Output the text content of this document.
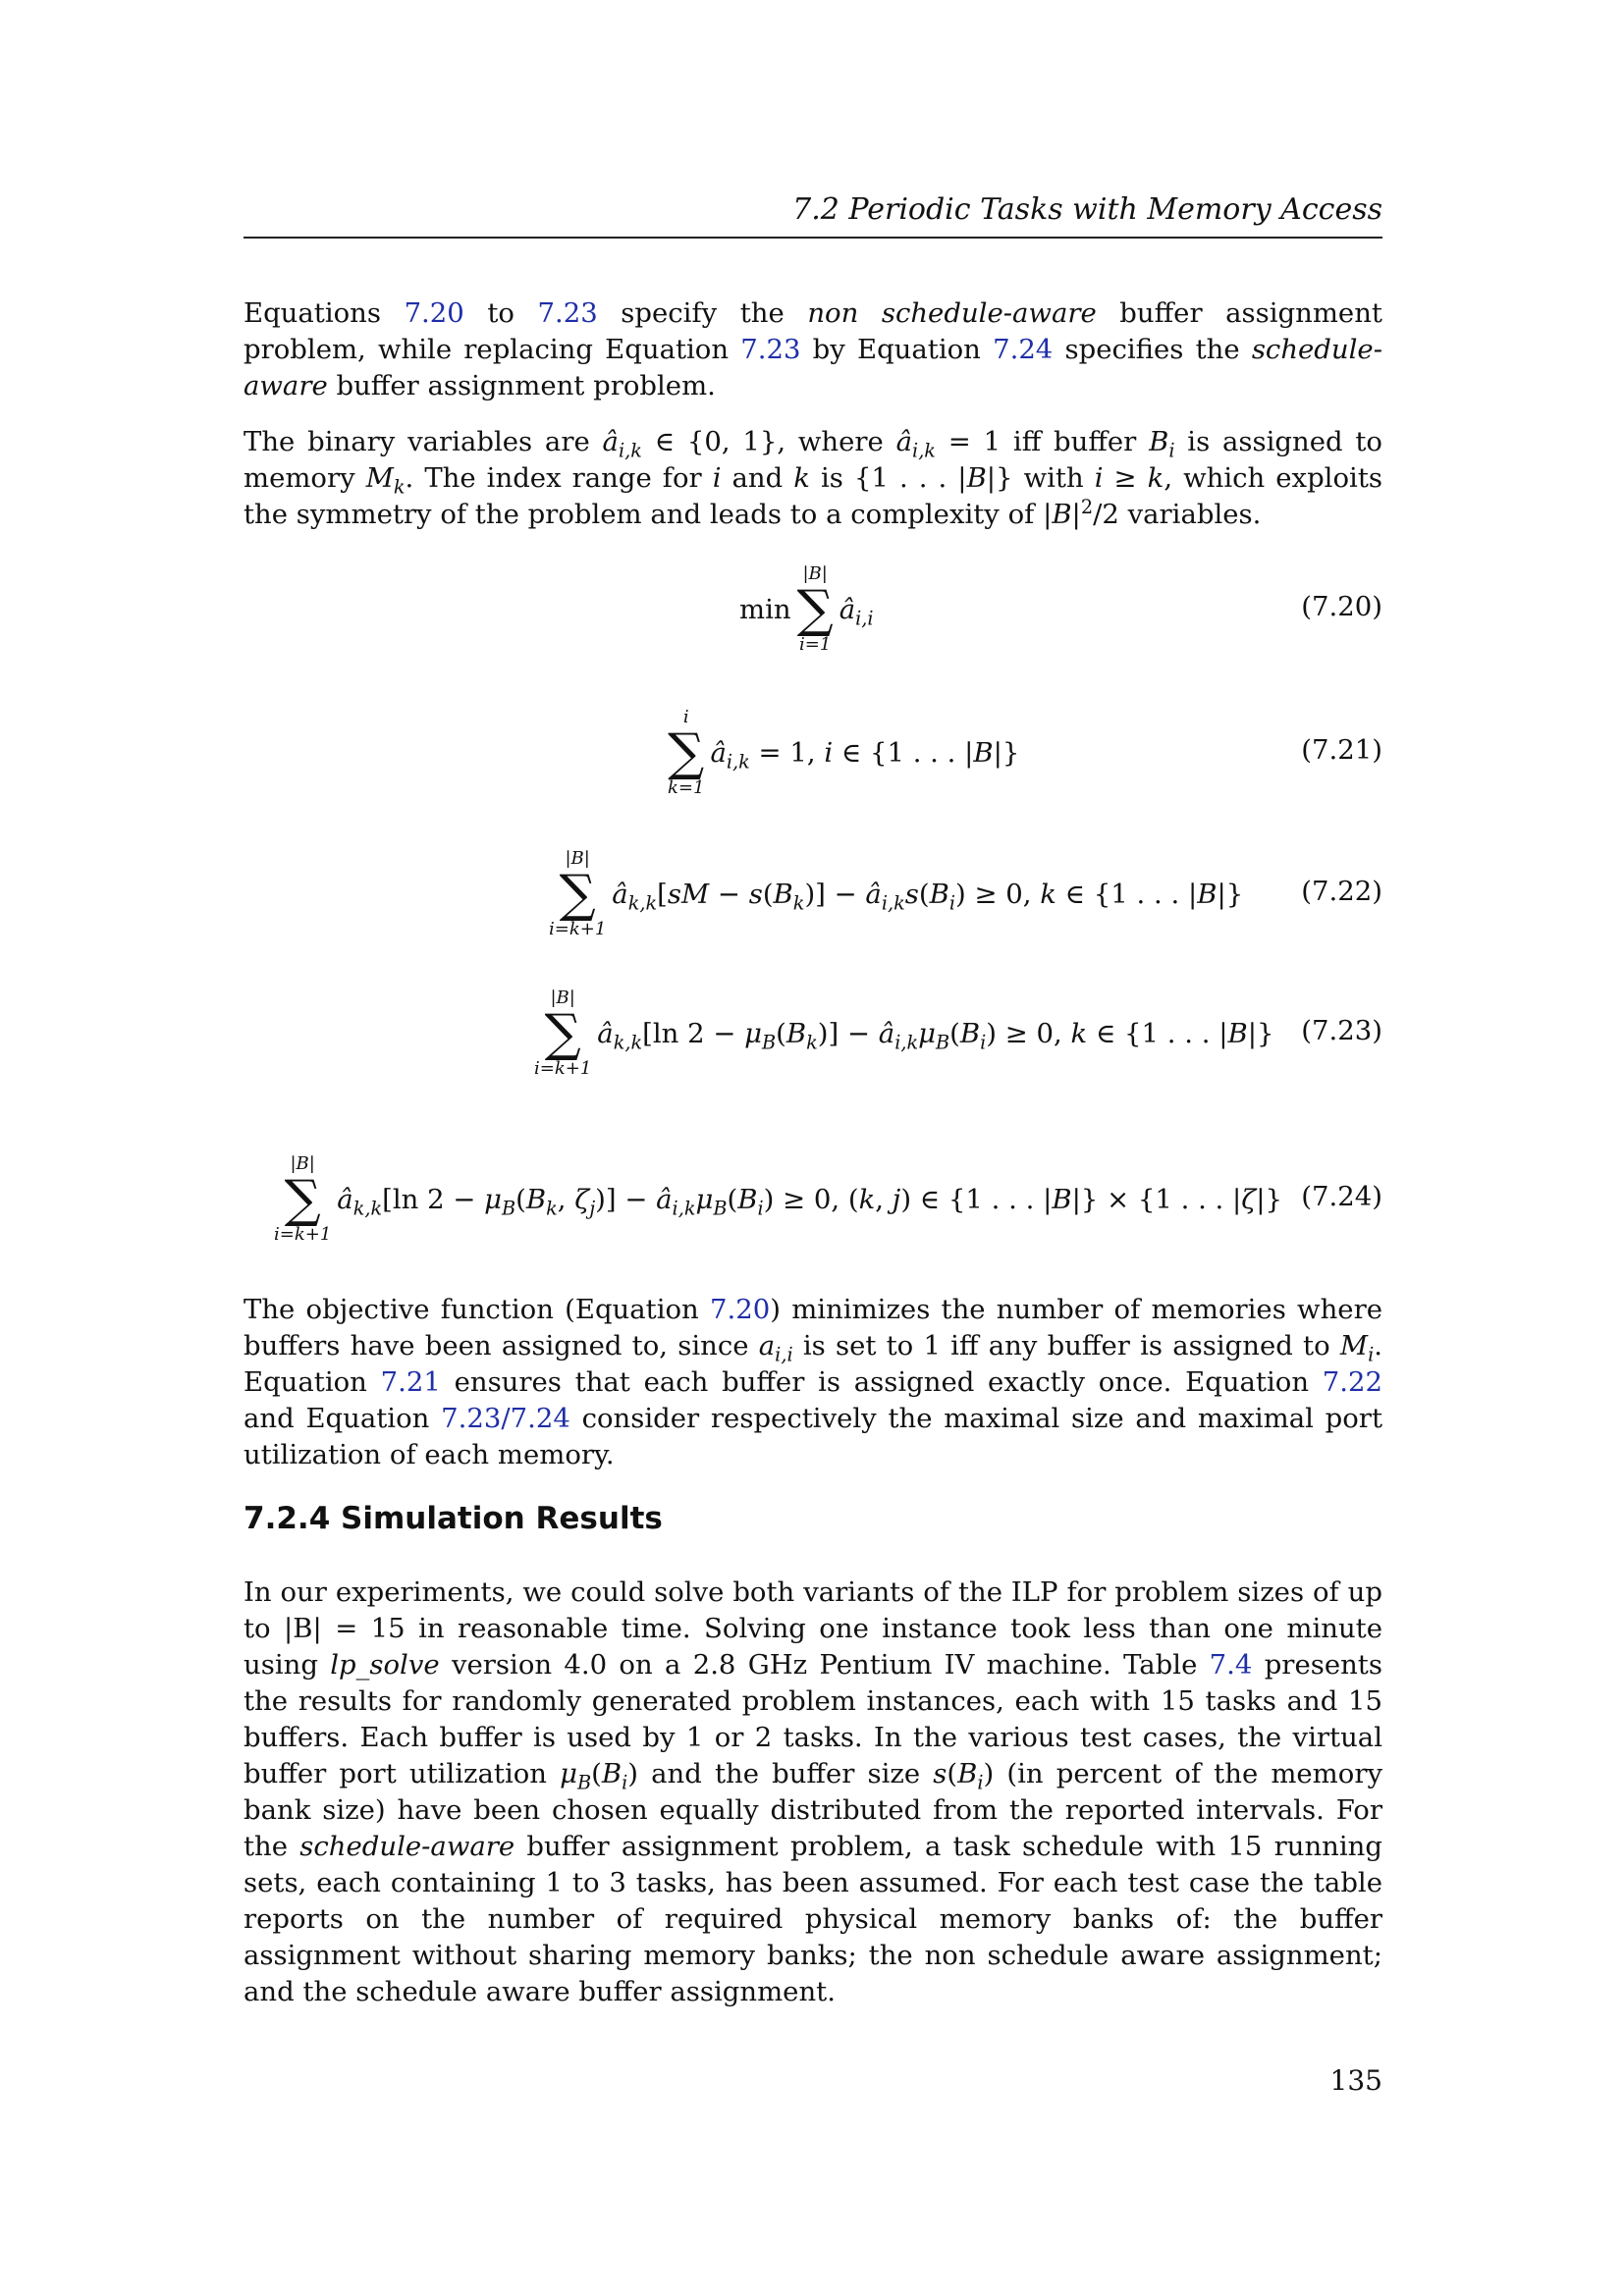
7.2 Periodic Tasks with Memory Access

Equations 7.20 to 7.23 specify the non schedule-aware buffer assignment problem, while replacing Equation 7.23 by Equation 7.24 specifies the schedule-aware buffer assignment problem.

The binary variables are $â_{i,k}$ ∈ {0, 1}, where $â_{i,k} = 1$ iff buffer $B_i$ is assigned to memory $M_k$. The index range for i and k is {1 . . . |B|} with i ≥ k, which exploits the symmetry of the problem and leads to a complexity of $|B|^2/2$ variables.

min
|B|
∑
i=1
$â_{i,i}$	(7.20)
i
∑
k=1
$â_{i,k} = 1$, i ∈ {1 . . . |B|}	(7.21)
|B|
∑
i=k+1
$â_{k,k}[sM - s(B_k)]$ − $â_{i,k}s(B_i) \ge 0$, k ∈ {1 . . . |B|} (7.22)
|B|
∑
i=k+1
$â_{k,k}[\ln$ $2 - \mu_B(B_k)$] − $â_{i,k}\mu_B(B_i) \ge 0$, k ∈ {1 . . . |B|} (7.23)
|B|
∑
i=k+1
$â_{k,k}[\ln$ $2 - \mu_B(B_k$, $\zeta_j$)] − $â_{i,k}\mu_B(B_i) \ge 0$, (k, j) ∈ {1 . . . |B|} × {1 . . . |ζ|} (7.24)

The objective function (Equation 7.20) minimizes the number of memories where buffers have been assigned to, since $a_{i,i}$ is set to 1 iff any buffer is assigned to $M_i$. Equation 7.21 ensures that each buffer is assigned exactly once. Equation 7.22 and Equation 7.23/7.24 consider respectively the maximal size and maximal port utilization of each memory.

7.2.4 Simulation Results

In our experiments, we could solve both variants of the ILP for problem sizes of up to |B| = 15 in reasonable time. Solving one instance took less than one minute using lp_solve version 4.0 on a 2.8 GHz Pentium IV machine. Table 7.4 presents the results for randomly generated problem instances, each with 15 tasks and 15 buffers. Each buffer is used by 1 or 2 tasks. In the various test cases, the virtual buffer port utilization $\mu_B(B_i)$ and the buffer size $s(B_i)$ (in percent of the memory bank size) have been chosen equally distributed from the reported intervals. For the schedule-aware buffer assignment problem, a task schedule with 15 running sets, each containing 1 to 3 tasks, has been assumed. For each test case the table reports on the number of required physical memory banks of: the buffer assignment without sharing memory banks; the non schedule aware assignment; and the schedule aware buffer assignment.

135
